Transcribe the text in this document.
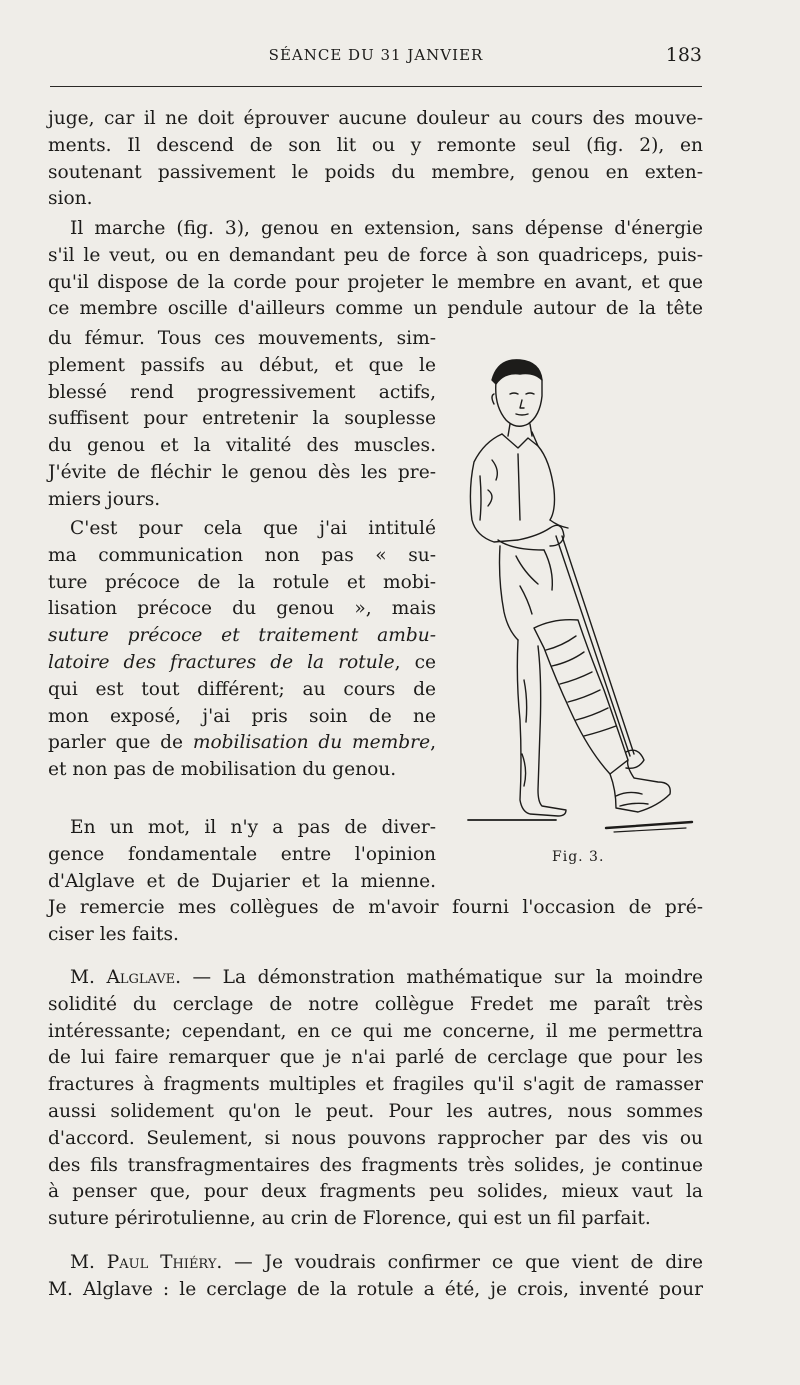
SÉANCE DU 31 JANVIER	183
juge, car il ne doit éprouver aucune douleur au cours des mouve-
ments. Il descend de son lit ou y remonte seul (fig. 2), en
soutenant passivement le poids du membre, genou en exten-
sion.
Il marche (fig. 3), genou en extension, sans dépense d'énergie
s'il le veut, ou en demandant peu de force à son quadriceps, puis-
qu'il dispose de la corde pour projeter le membre en avant, et que
ce membre oscille d'ailleurs comme un pendule autour de la tête
du fémur. Tous ces mouvements, sim-
plement passifs au début, et que le
blessé rend progressivement actifs,
suffisent pour entretenir la souplesse
du genou et la vitalité des muscles.
J'évite de fléchir le genou dès les pre-
miers jours.
C'est pour cela que j'ai intitulé
ma communication non pas « su-
ture précoce de la rotule et mobi-
lisation précoce du genou », mais
suture précoce et traitement ambu-
latoire des fractures de la rotule, ce
qui est tout différent; au cours de
mon exposé, j'ai pris soin de ne
parler que de mobilisation du membre,
et non pas de mobilisation du genou.
En un mot, il n'y a pas de diver-
gence fondamentale entre l'opinion
d'Alglave et de Dujarier et la mienne.
Je remercie mes collègues de m'avoir fourni l'occasion de pré-
ciser les faits.
M. Alglave. — La démonstration mathématique sur la moindre
solidité du cerclage de notre collègue Fredet me paraît très
intéressante; cependant, en ce qui me concerne, il me permettra
de lui faire remarquer que je n'ai parlé de cerclage que pour les
fractures à fragments multiples et fragiles qu'il s'agit de ramasser
aussi solidement qu'on le peut. Pour les autres, nous sommes
d'accord. Seulement, si nous pouvons rapprocher par des vis ou
des fils transfragmentaires des fragments très solides, je continue
à penser que, pour deux fragments peu solides, mieux vaut la
suture périrotulienne, au crin de Florence, qui est un fil parfait.
M. Paul Thiéry. — Je voudrais confirmer ce que vient de dire
M. Alglave : le cerclage de la rotule a été, je crois, inventé pour
Fig. 3.
